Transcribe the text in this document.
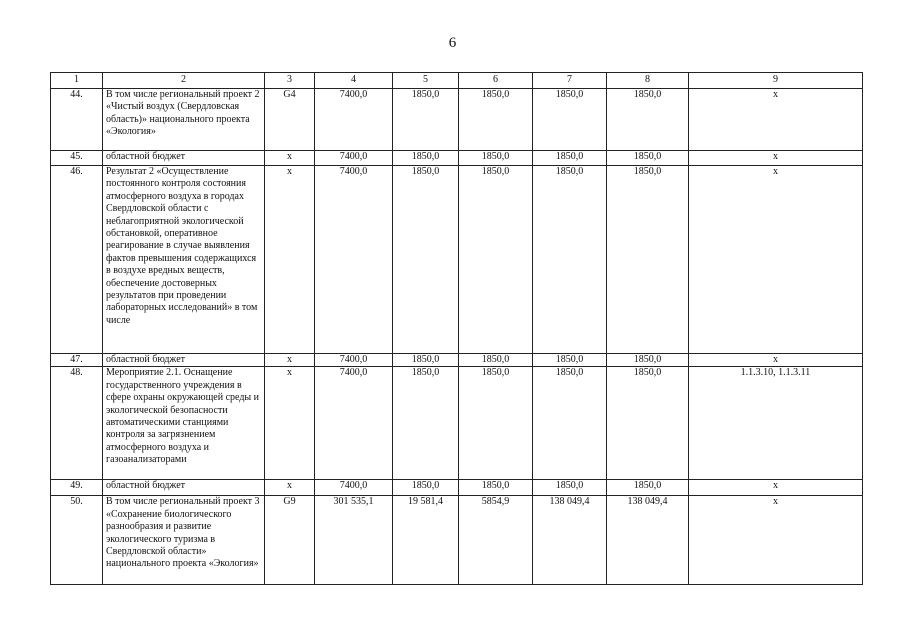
6
1	2	3	4	5	6	7	8	9
44.	В том числе региональный проект 2 «Чистый воздух (Свердловская область)» национального проекта «Экология»	G4	7400,0	1850,0	1850,0	1850,0	1850,0	х
45.	областной бюджет	х	7400,0	1850,0	1850,0	1850,0	1850,0	х
46.	Результат 2 «Осуществление постоянного контроля состояния атмосферного воздуха в городах Свердловской области с неблагоприятной экологической обстановкой, оперативное реагирование в случае выявления фактов превышения содержащихся в воздухе вредных веществ, обеспечение достоверных результатов при проведении лабораторных исследований» в том числе	х	7400,0	1850,0	1850,0	1850,0	1850,0	х
47.	областной бюджет	х	7400,0	1850,0	1850,0	1850,0	1850,0	х
48.	Мероприятие 2.1. Оснащение государственного учреждения в сфере охраны окружающей среды и экологической безопасности автоматическими станциями контроля за загрязнением атмосферного воздуха и газоанализаторами	х	7400,0	1850,0	1850,0	1850,0	1850,0	1.1.3.10, 1.1.3.11
49.	областной бюджет	х	7400,0	1850,0	1850,0	1850,0	1850,0	х
50.	В том числе региональный проект 3 «Сохранение биологического разнообразия и развитие экологического туризма в Свердловской области» национального проекта «Экология»	G9	301 535,1	19 581,4	5854,9	138 049,4	138 049,4	х
